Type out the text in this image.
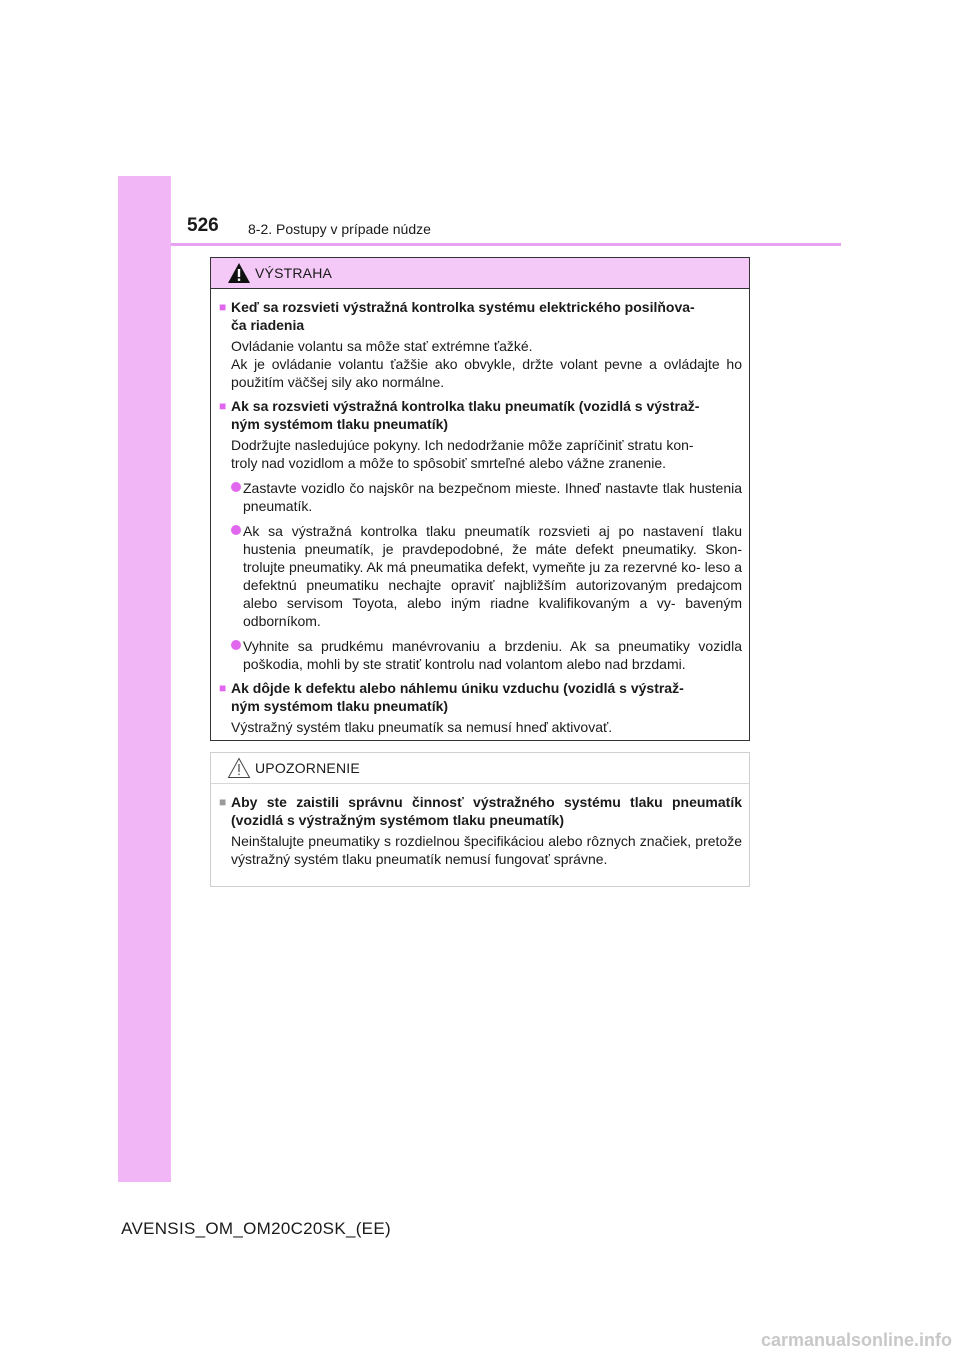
526 8-2. Postupy v prípade núdze
VÝSTRAHA
■ Keď sa rozsvieti výstražná kontrolka systému elektrického posilňova-
ča riadenia
Ovládanie volantu sa môže stať extrémne ťažké.
Ak je ovládanie volantu ťažšie ako obvykle, držte volant pevne a ovládajte ho použitím väčšej sily ako normálne.
■ Ak sa rozsvieti výstražná kontrolka tlaku pneumatík (vozidlá s výstraž-
ným systémom tlaku pneumatík)
Dodržujte nasledujúce pokyny. Ich nedodržanie môže zapríčiniť stratu kon-
troly nad vozidlom a môže to spôsobiť smrteľné alebo vážne zranenie.
Zastavte vozidlo čo najskôr na bezpečnom mieste. Ihneď nastavte tlak hustenia pneumatík.
Ak sa výstražná kontrolka tlaku pneumatík rozsvieti aj po nastavení tlaku hustenia pneumatík, je pravdepodobné, že máte defekt pneumatiky. Skon- trolujte pneumatiky. Ak má pneumatika defekt, vymeňte ju za rezervné ko- leso a defektnú pneumatiku nechajte opraviť najbližším autorizovaným predajcom alebo servisom Toyota, alebo iným riadne kvalifikovaným a vy- baveným odborníkom.
Vyhnite sa prudkému manévrovaniu a brzdeniu. Ak sa pneumatiky vozidla poškodia, mohli by ste stratiť kontrolu nad volantom alebo nad brzdami.
■ Ak dôjde k defektu alebo náhlemu úniku vzduchu (vozidlá s výstraž-
ným systémom tlaku pneumatík)
Výstražný systém tlaku pneumatík sa nemusí hneď aktivovať.
UPOZORNENIE
■ Aby ste zaistili správnu činnosť výstražného systému tlaku pneumatík (vozidlá s výstražným systémom tlaku pneumatík)
Neinštalujte pneumatiky s rozdielnou špecifikáciou alebo rôznych značiek, pretože výstražný systém tlaku pneumatík nemusí fungovať správne.
AVENSIS_OM_OM20C20SK_(EE)
carmanualsonline.info
